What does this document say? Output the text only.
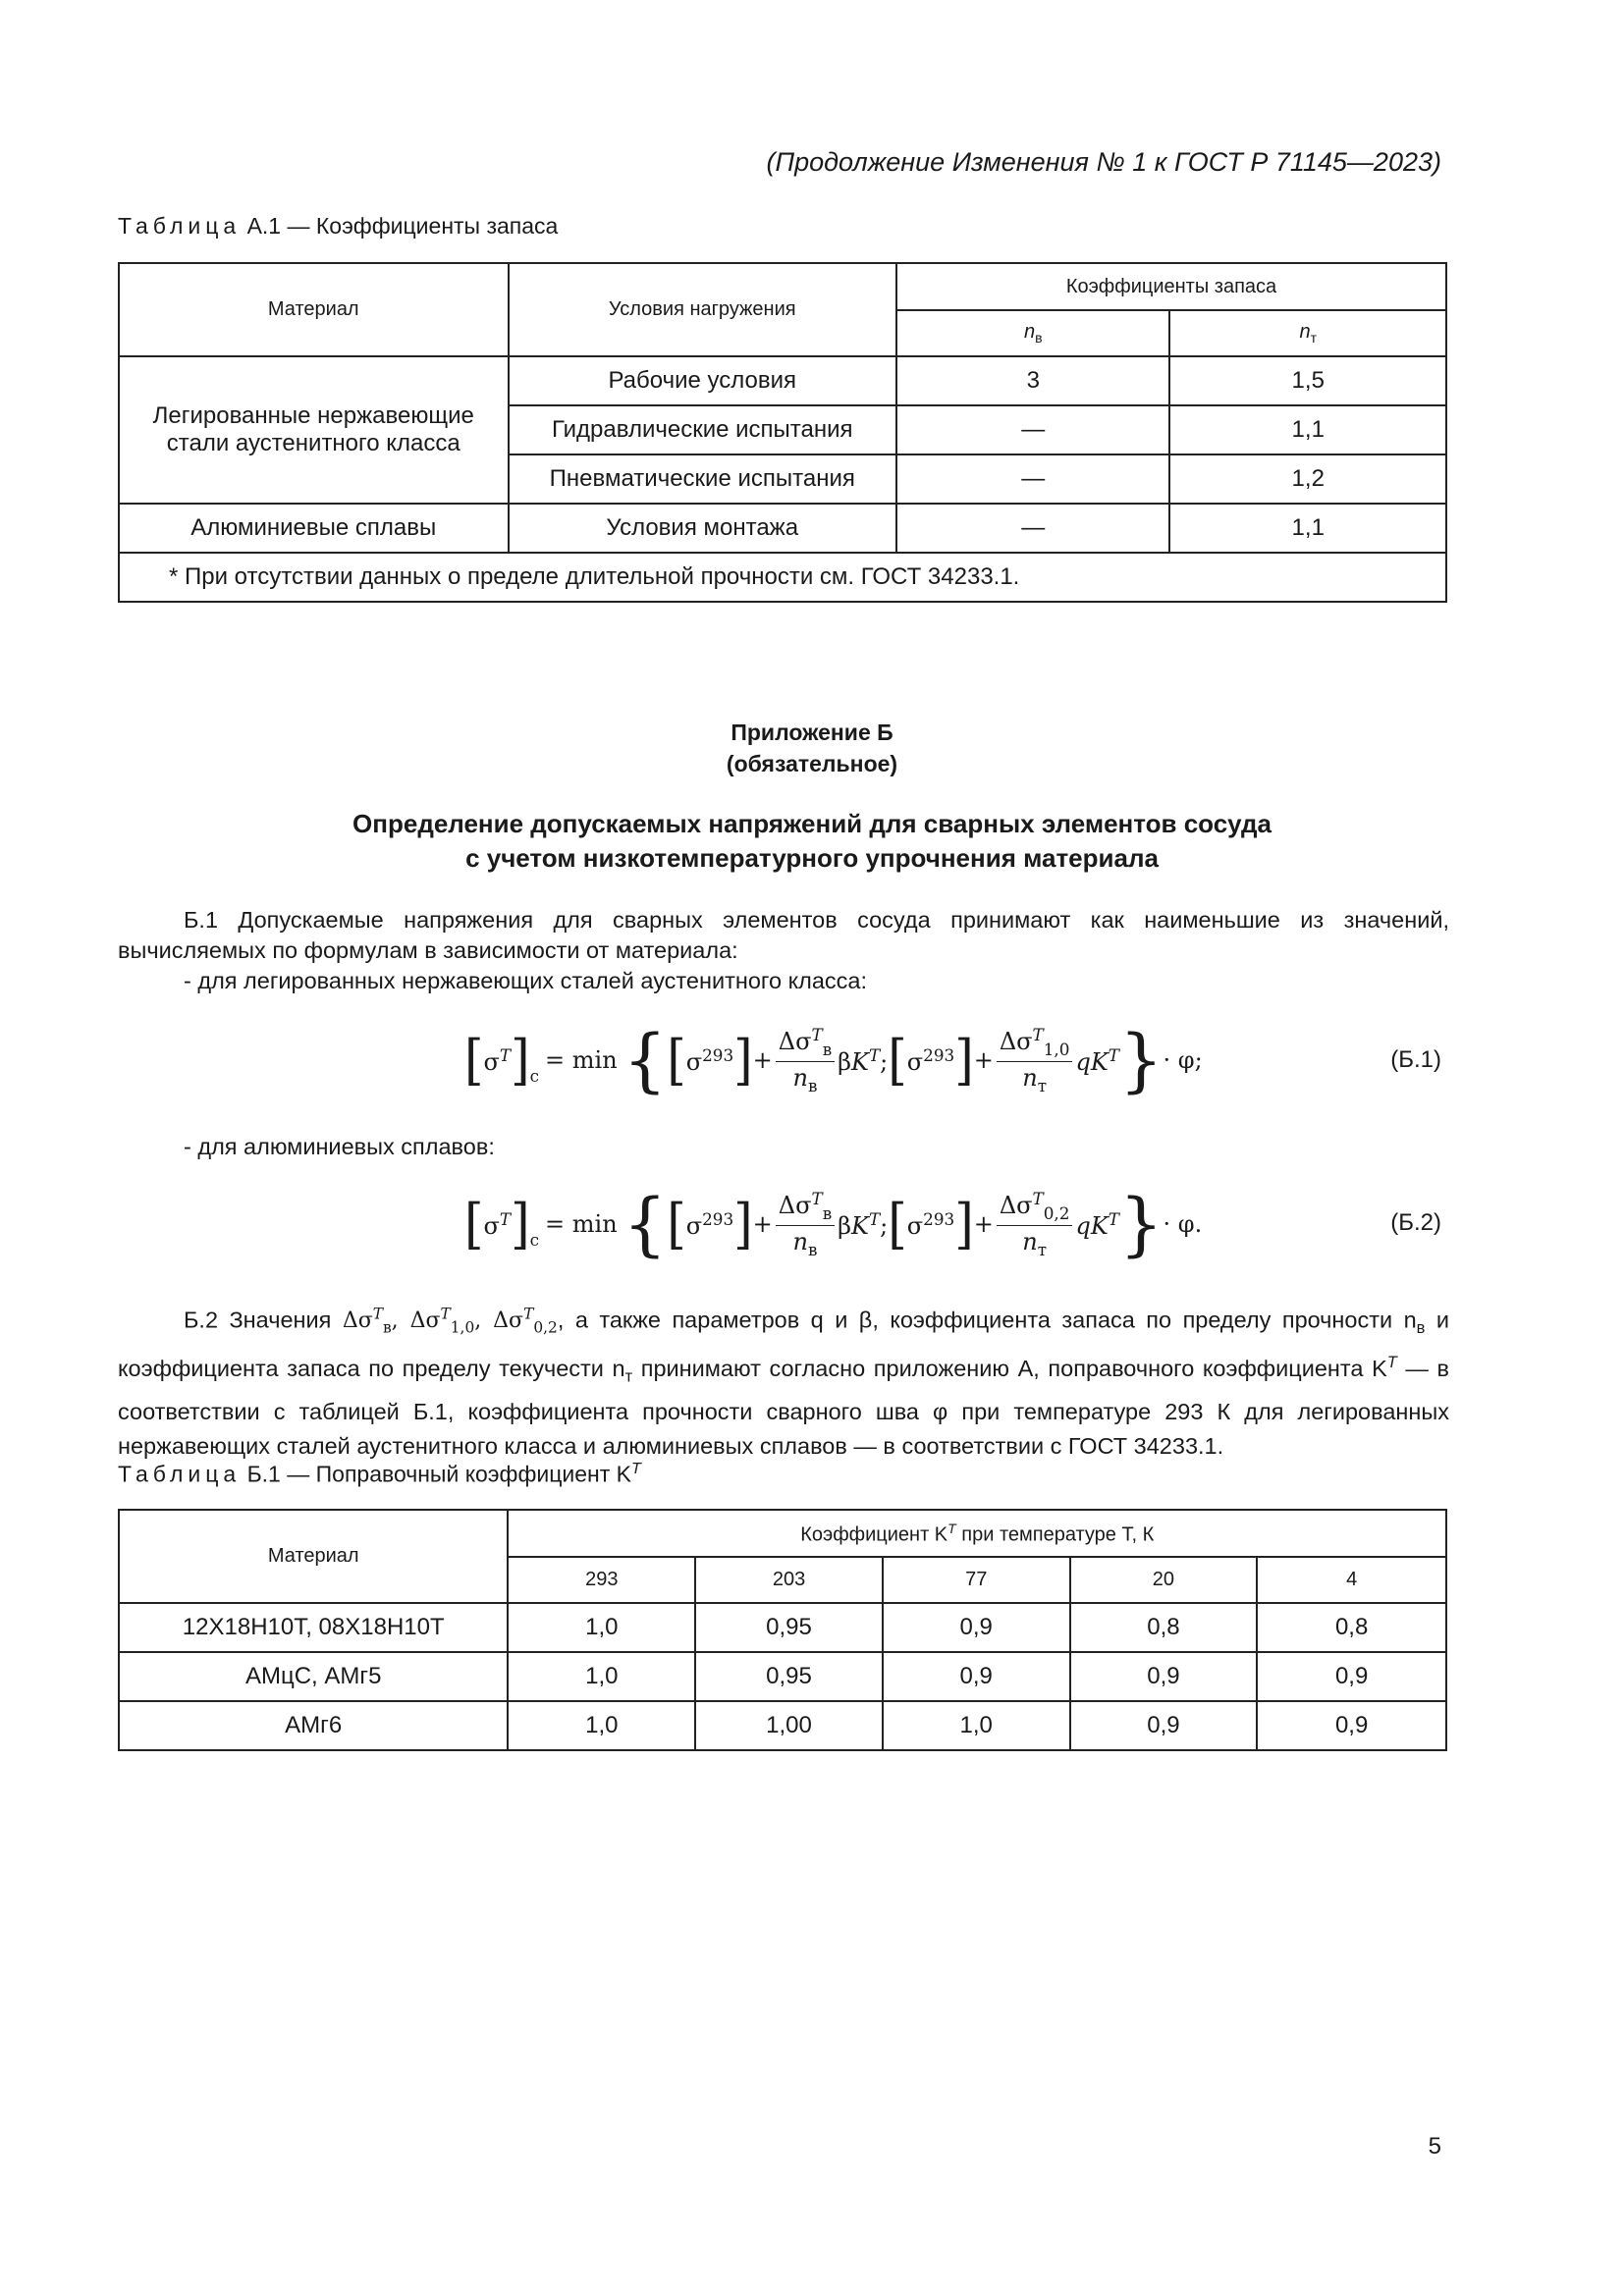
(Продолжение Изменения № 1 к ГОСТ Р 71145—2023)
Таблица А.1 — Коэффициенты запаса
Материал	Условия нагружения	Коэффициенты запаса	
		$n_в$	$n_т$
Легированные нержавеющие стали аустенитного класса	Рабочие условия	3	1,5
	Гидравлические испытания	—	1,1
	Пневматические испытания	—	1,2
Алюминиевые сплавы	Условия монтажа	—	1,1
* При отсутствии данных о пределе длительной прочности см. ГОСТ 34233.1.			
Приложение Б
(обязательное)
Определение допускаемых напряжений для сварных элементов сосуда
с учетом низкотемпературного упрочнения материала
Б.1 Допускаемые напряжения для сварных элементов сосуда принимают как наименьшие из значений, вычисляемых по формулам в зависимости от материала:
- для легированных нержавеющих сталей аустенитного класса:
[ $\sigma^T$ ]$_c$
= min { [ $\sigma^{293}$ ] + $\frac{\Delta\sigma^T_в}{n_в} \beta K^T$; [ $\sigma^{293}$ ] + $\frac{\Delta\sigma^T_{1,0}}{n_т} qK^T$ } · φ;	(Б.1)
- для алюминиевых сплавов:
[ $\sigma^T$ ]$_c$
= min { [ $\sigma^{293}$ ] + $\frac{\Delta\sigma^T_в}{n_в} \beta K^T$; [ $\sigma^{293}$ ] + $\frac{\Delta\sigma^T_{0,2}}{n_т} qK^T$ } · φ.	(Б.2)
Б.2 Значения $\Delta\sigma^T_в$, $\Delta\sigma^T_{1,0}$, $\Delta\sigma^T_{0,2}$, а также параметров q и β, коэффициента запаса по пределу прочности $n_в$ и коэффициента запаса по пределу текучести $n_т$ принимают согласно приложению А, поправочного коэффициента $K^T$ — в соответствии с таблицей Б.1, коэффициента прочности сварного шва φ при температуре 293 К для легированных нержавеющих сталей аустенитного класса и алюминиевых сплавов — в соответствии с ГОСТ 34233.1.
Таблица Б.1 — Поправочный коэффициент $K^T$
Материал	Коэффициент $K^T$ при температуре T, К				
	293	203	77	20	4
12Х18Н10Т, 08Х18Н10Т	1,0	0,95	0,9	0,8	0,8
АМцС, АМг5	1,0	0,95	0,9	0,9	0,9
АМг6	1,0	1,00	1,0	0,9	0,9
5
